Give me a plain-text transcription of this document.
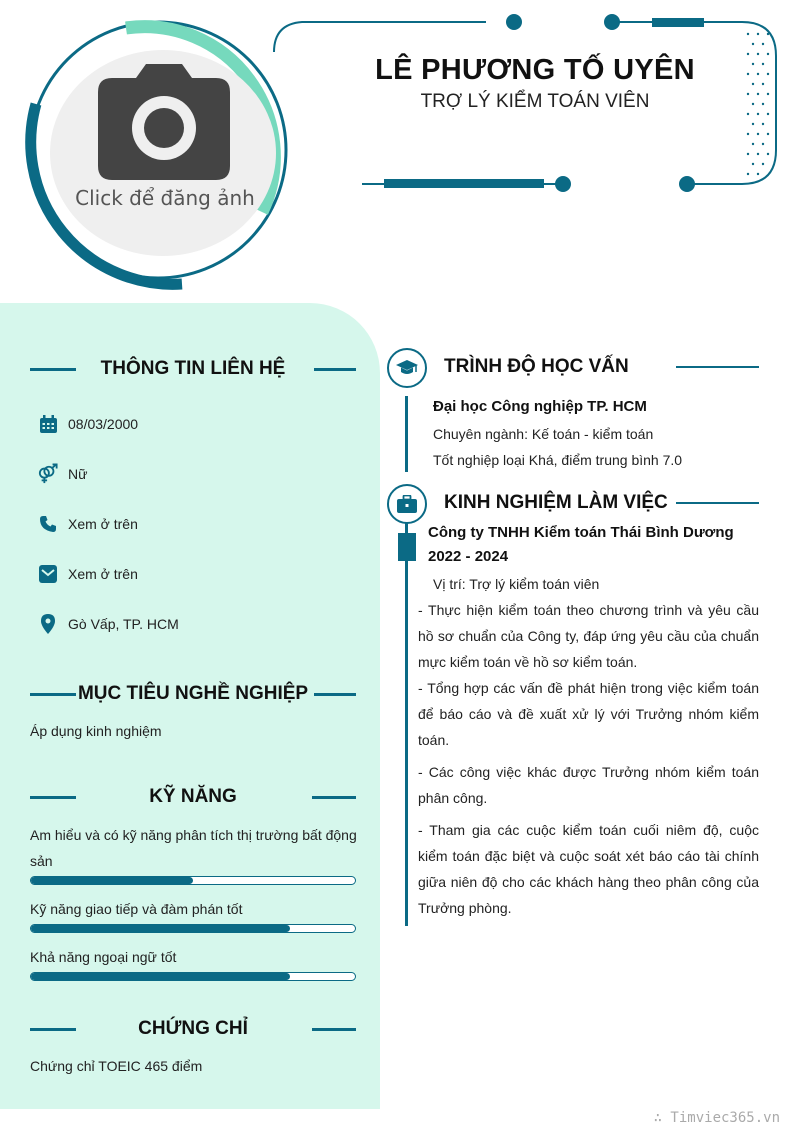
Click để đăng ảnh
LÊ PHƯƠNG TỐ UYÊN
TRỢ LÝ KIỂM TOÁN VIÊN
THÔNG TIN LIÊN HỆ
08/03/2000
Nữ
Xem ở trên
Xem ở trên
Gò Vấp, TP. HCM
MỤC TIÊU NGHỀ NGHIỆP
Áp dụng kinh nghiệm
KỸ NĂNG
Am hiểu và có kỹ năng phân tích thị trường bất động sản
Kỹ năng giao tiếp và đàm phán tốt
Khả năng ngoại ngữ tốt
CHỨNG CHỈ
Chứng chỉ TOEIC 465 điểm
TRÌNH ĐỘ HỌC VẤN
Đại học Công nghiệp TP. HCM
Chuyên ngành: Kế toán - kiểm toán
Tốt nghiệp loại Khá, điểm trung bình 7.0
KINH NGHIỆM LÀM VIỆC
Công ty TNHH Kiểm toán Thái Bình Dương
2022 - 2024
Vị trí: Trợ lý kiểm toán viên
- Thực hiện kiểm toán theo chương trình và yêu cầu hồ sơ chuẩn của Công ty, đáp ứng yêu cầu của chuẩn mực kiểm toán về hồ sơ kiểm toán.
- Tổng hợp các vấn đề phát hiện trong việc kiểm toán để báo cáo và đề xuất xử lý với Trưởng nhóm kiểm toán.
- Các công việc khác được Trưởng nhóm kiểm toán phân công.
- Tham gia các cuộc kiểm toán cuối niêm độ, cuộc kiểm toán đặc biệt và cuộc soát xét báo cáo tài chính giữa niên độ cho các khách hàng theo phân công của Trưởng phòng.
∴ Timviec365.vn
